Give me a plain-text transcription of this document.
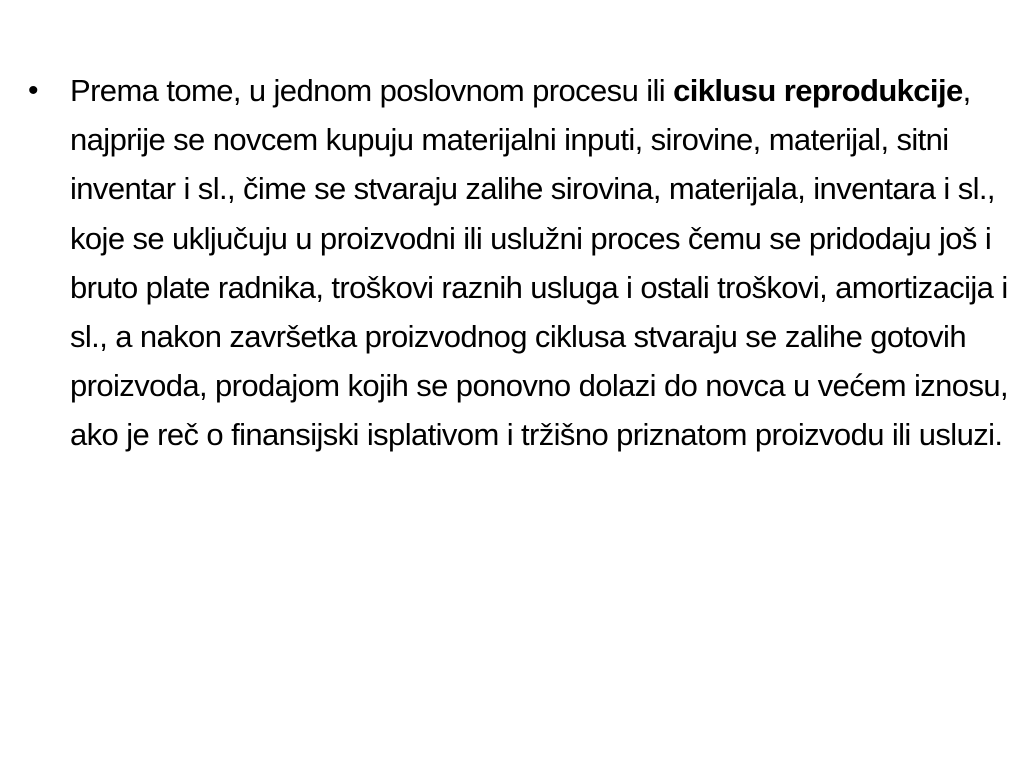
•	Prema tome, u jednom poslovnom procesu ili ciklusu reprodukcije, najprije se novcem kupuju materijalni inputi, sirovine, materijal, sitni inventar i sl., čime se stvaraju zalihe sirovina, materijala, inventara i sl., koje se uključuju u proizvodni ili uslužni proces čemu se pridodaju još i bruto plate radnika, troškovi raznih usluga i ostali troškovi, amortizacija i sl., a nakon završetka proizvodnog ciklusa stvaraju se zalihe gotovih proizvoda, prodajom kojih se ponovno dolazi do novca u većem iznosu, ako je reč o finansijski isplativom i tržišno priznatom proizvodu ili usluzi.
